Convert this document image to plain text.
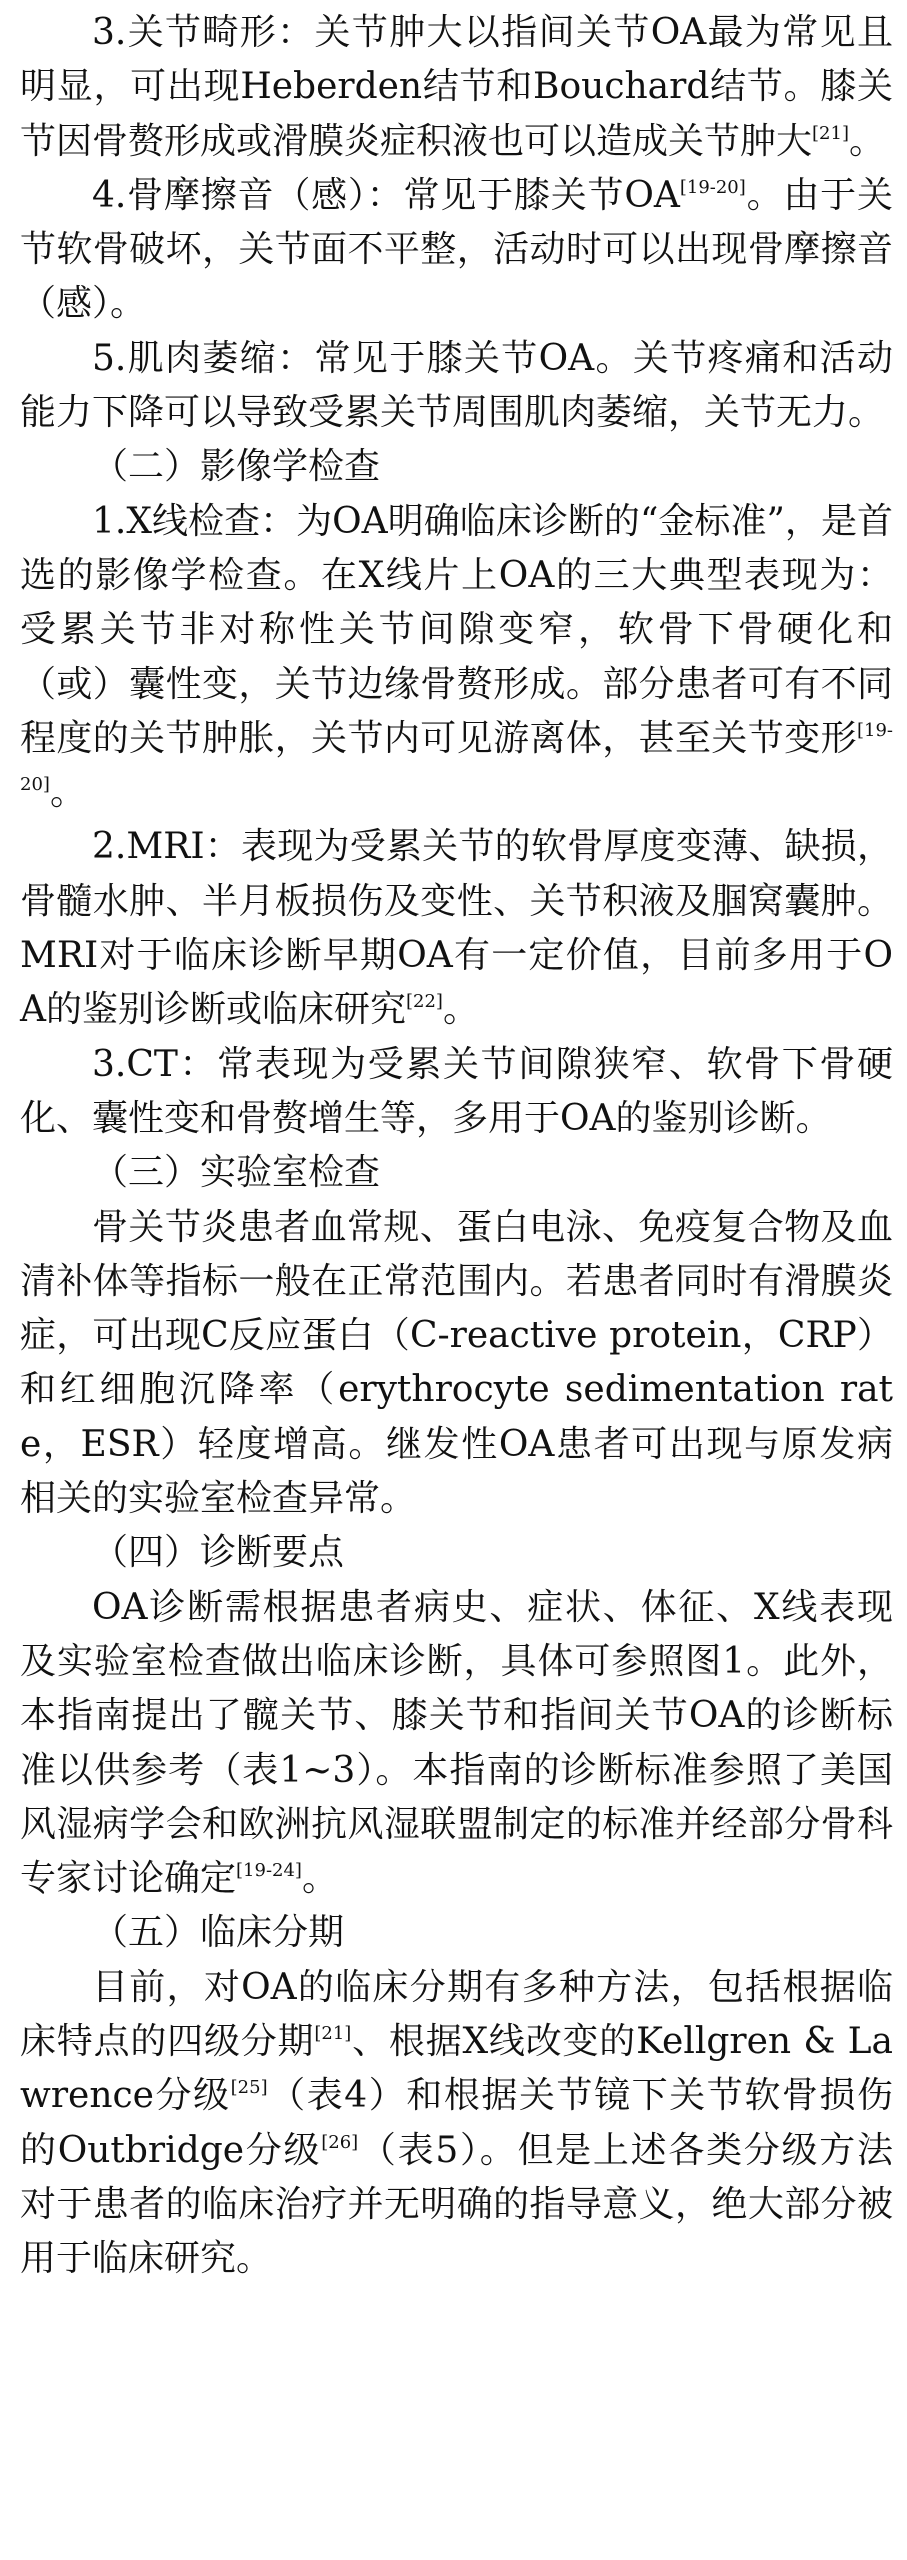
3.关节畸形：关节肿大以指间关节OA最为常见且明显，可出现Heberden结节和Bouchard结节。膝关节因骨赘形成或滑膜炎症积液也可以造成关节肿大[21]。

4.骨摩擦音（感）：常见于膝关节OA[19-20]。由于关节软骨破坏，关节面不平整，活动时可以出现骨摩擦音（感）。

5.肌肉萎缩：常见于膝关节OA。关节疼痛和活动能力下降可以导致受累关节周围肌肉萎缩，关节无力。

（二）影像学检查

1.X线检查：为OA明确临床诊断的“金标准”，是首选的影像学检查。在X线片上OA的三大典型表现为：受累关节非对称性关节间隙变窄，软骨下骨硬化和（或）囊性变，关节边缘骨赘形成。部分患者可有不同程度的关节肿胀，关节内可见游离体，甚至关节变形[19-20]。

2.MRI：表现为受累关节的软骨厚度变薄、缺损，骨髓水肿、半月板损伤及变性、关节积液及腘窝囊肿。MRI对于临床诊断早期OA有一定价值，目前多用于OA的鉴别诊断或临床研究[22]。

3.CT：常表现为受累关节间隙狭窄、软骨下骨硬化、囊性变和骨赘增生等，多用于OA的鉴别诊断。

（三）实验室检查

骨关节炎患者血常规、蛋白电泳、免疫复合物及血清补体等指标一般在正常范围内。若患者同时有滑膜炎症，可出现C反应蛋白（C-reactive protein，CRP）和红细胞沉降率（erythrocyte sedimentation rate，ESR）轻度增高。继发性OA患者可出现与原发病相关的实验室检查异常。

（四）诊断要点

OA诊断需根据患者病史、症状、体征、X线表现及实验室检查做出临床诊断，具体可参照图1。此外，本指南提出了髋关节、膝关节和指间关节OA的诊断标准以供参考（表1~3）。本指南的诊断标准参照了美国风湿病学会和欧洲抗风湿联盟制定的标准并经部分骨科专家讨论确定[19-24]。

（五）临床分期

目前，对OA的临床分期有多种方法，包括根据临床特点的四级分期[21]、根据X线改变的Kellgren & Lawrence分级[25]（表4）和根据关节镜下关节软骨损伤的Outbridge分级[26]（表5）。但是上述各类分级方法对于患者的临床治疗并无明确的指导意义，绝大部分被用于临床研究。
